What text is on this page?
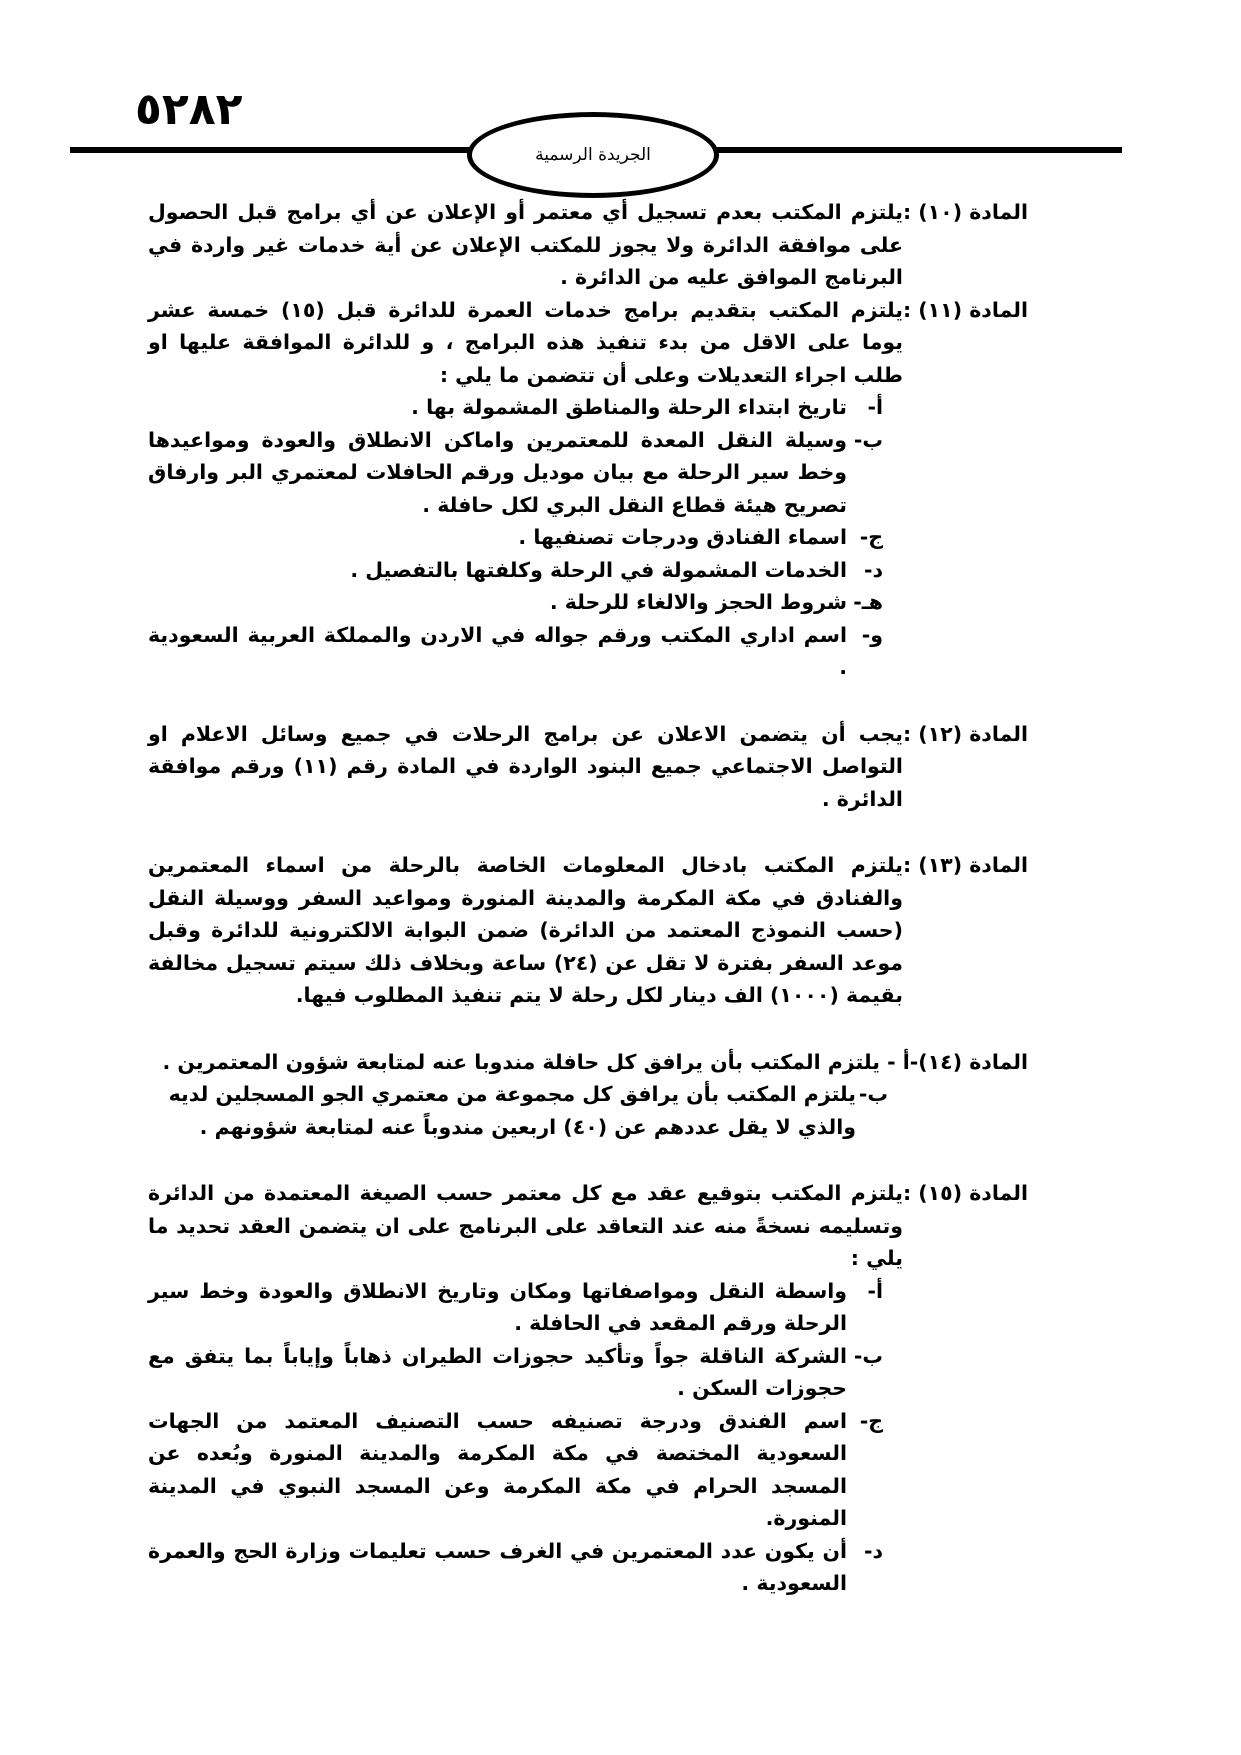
٥٢٨٢
الجريدة الرسمية
المادة (١٠) :
يلتزم المكتب بعدم تسجيل أي معتمر أو الإعلان عن أي برامج قبل الحصول على موافقة الدائرة ولا يجوز للمكتب الإعلان عن أية خدمات غير واردة في البرنامج الموافق عليه من الدائرة .
المادة (١١) :
يلتزم المكتب بتقديم برامج خدمات العمرة للدائرة قبل (١٥) خمسة عشر يوما على الاقل من بدء تنفيذ هذه البرامج ، و للدائرة الموافقة عليها او طلب اجراء التعديلات وعلى أن تتضمن ما يلي :
أ-
تاريخ ابتداء الرحلة والمناطق المشمولة بها .
ب-
وسيلة النقل المعدة للمعتمرين واماكن الانطلاق والعودة ومواعيدها وخط سير الرحلة مع بيان موديل ورقم الحافلات لمعتمري البر وارفاق تصريح هيئة قطاع النقل البري لكل حافلة .
ج-
اسماء الفنادق ودرجات تصنفيها .
د-
الخدمات المشمولة في الرحلة وكلفتها بالتفصيل .
هـ-
شروط الحجز والالغاء للرحلة .
و-
اسم اداري المكتب ورقم جواله في الاردن والمملكة العربية السعودية .
المادة (١٢) :
يجب أن يتضمن الاعلان عن برامج الرحلات في جميع وسائل الاعلام او التواصل الاجتماعي جميع البنود الواردة في المادة رقم (١١) ورقم موافقة الدائرة .
المادة (١٣) :
يلتزم المكتب بادخال المعلومات الخاصة بالرحلة من اسماء المعتمرين والفنادق في مكة المكرمة والمدينة المنورة ومواعيد السفر ووسيلة النقل (حسب النموذج المعتمد من الدائرة) ضمن البوابة الالكترونية للدائرة وقبل موعد السفر بفترة لا تقل عن (٢٤) ساعة وبخلاف ذلك سيتم تسجيل مخالفة بقيمة (١٠٠٠) الف دينار لكل رحلة لا يتم تنفيذ المطلوب فيها.
المادة (١٤)-
أ - يلتزم المكتب بأن يرافق كل حافلة مندوبا عنه لمتابعة شؤون المعتمرين .
ب-
يلتزم المكتب بأن يرافق كل مجموعة من معتمري الجو المسجلين لديه والذي لا يقل عددهم عن (٤٠) اربعين مندوباً عنه لمتابعة شؤونهم .
المادة (١٥) :
يلتزم المكتب بتوقيع عقد مع كل معتمر حسب الصيغة المعتمدة من الدائرة وتسليمه نسخةً منه عند التعاقد على البرنامج على ان يتضمن العقد تحديد ما يلي :
أ-
واسطة النقل ومواصفاتها ومكان وتاريخ الانطلاق والعودة وخط سير الرحلة ورقم المقعد في الحافلة .
ب-
الشركة الناقلة جواً وتأكيد حجوزات الطيران ذهاباً وإياباً بما يتفق مع حجوزات السكن .
ج-
اسم الفندق ودرجة تصنيفه حسب التصنيف المعتمد من الجهات السعودية المختصة في مكة المكرمة والمدينة المنورة وبُعده عن المسجد الحرام في مكة المكرمة وعن المسجد النبوي في المدينة المنورة.
د-
أن يكون عدد المعتمرين في الغرف حسب تعليمات وزارة الحج والعمرة السعودية .
